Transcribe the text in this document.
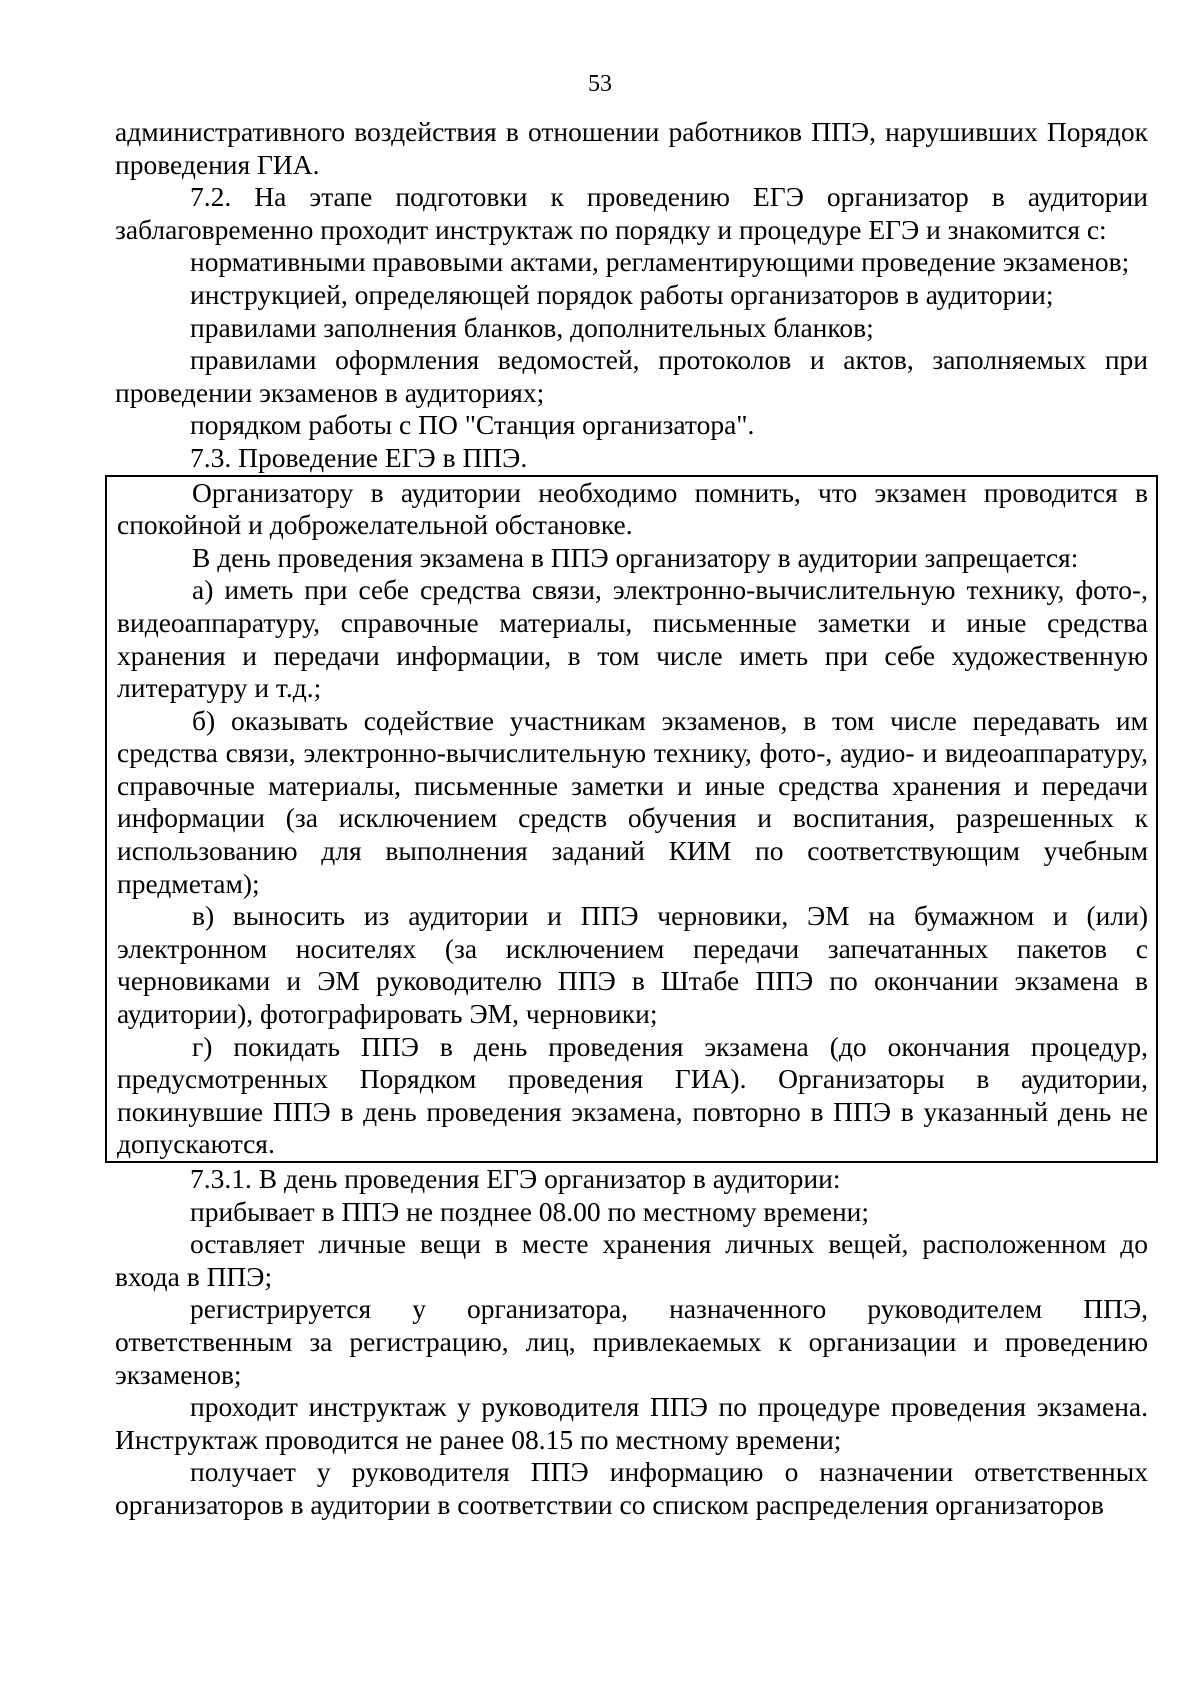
53

административного воздействия в отношении работников ППЭ, нарушивших Порядок проведения ГИА.

7.2. На этапе подготовки к проведению ЕГЭ организатор в аудитории заблаговременно проходит инструктаж по порядку и процедуре ЕГЭ и знакомится с:

нормативными правовыми актами, регламентирующими проведение экзаменов;

инструкцией, определяющей порядок работы организаторов в аудитории;

правилами заполнения бланков, дополнительных бланков;

правилами оформления ведомостей, протоколов и актов, заполняемых при проведении экзаменов в аудиториях;

порядком работы с ПО "Станция организатора".

7.3. Проведение ЕГЭ в ППЭ.

Организатору в аудитории необходимо помнить, что экзамен проводится в спокойной и доброжелательной обстановке.

В день проведения экзамена в ППЭ организатору в аудитории запрещается:

а) иметь при себе средства связи, электронно-вычислительную технику, фото-, видеоаппаратуру, справочные материалы, письменные заметки и иные средства хранения и передачи информации, в том числе иметь при себе художественную литературу и т.д.;

б) оказывать содействие участникам экзаменов, в том числе передавать им средства связи, электронно-вычислительную технику, фото-, аудио- и видеоаппаратуру, справочные материалы, письменные заметки и иные средства хранения и передачи информации (за исключением средств обучения и воспитания, разрешенных к использованию для выполнения заданий КИМ по соответствующим учебным предметам);

в) выносить из аудитории и ППЭ черновики, ЭМ на бумажном и (или) электронном носителях (за исключением передачи запечатанных пакетов с черновиками и ЭМ руководителю ППЭ в Штабе ППЭ по окончании экзамена в аудитории), фотографировать ЭМ, черновики;

г) покидать ППЭ в день проведения экзамена (до окончания процедур, предусмотренных Порядком проведения ГИА). Организаторы в аудитории, покинувшие ППЭ в день проведения экзамена, повторно в ППЭ в указанный день не допускаются.

7.3.1. В день проведения ЕГЭ организатор в аудитории:

прибывает в ППЭ не позднее 08.00 по местному времени;

оставляет личные вещи в месте хранения личных вещей, расположенном до входа в ППЭ;

регистрируется у организатора, назначенного руководителем ППЭ, ответственным за регистрацию, лиц, привлекаемых к организации и проведению экзаменов;

проходит инструктаж у руководителя ППЭ по процедуре проведения экзамена. Инструктаж проводится не ранее 08.15 по местному времени;

получает у руководителя ППЭ информацию о назначении ответственных организаторов в аудитории в соответствии со списком распределения организаторов
